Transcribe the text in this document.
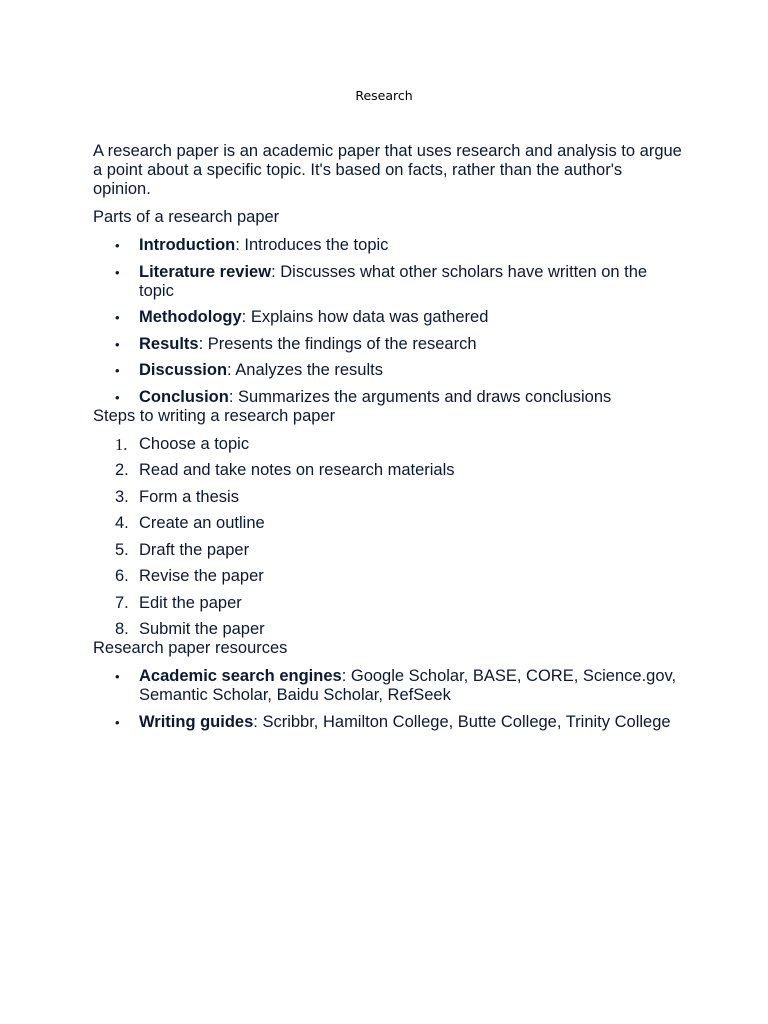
Research

A research paper is an academic paper that uses research and analysis to argue a point about a specific topic. It's based on facts, rather than the author's opinion.

Parts of a research paper

• Introduction: Introduces the topic
• Literature review: Discusses what other scholars have written on the topic
• Methodology: Explains how data was gathered
• Results: Presents the findings of the research
• Discussion: Analyzes the results
• Conclusion: Summarizes the arguments and draws conclusions

Steps to writing a research paper

1. Choose a topic
2. Read and take notes on research materials
3. Form a thesis
4. Create an outline
5. Draft the paper
6. Revise the paper
7. Edit the paper
8. Submit the paper

Research paper resources

• Academic search engines: Google Scholar, BASE, CORE, Science.gov, Semantic Scholar, Baidu Scholar, RefSeek
• Writing guides: Scribbr, Hamilton College, Butte College, Trinity College
